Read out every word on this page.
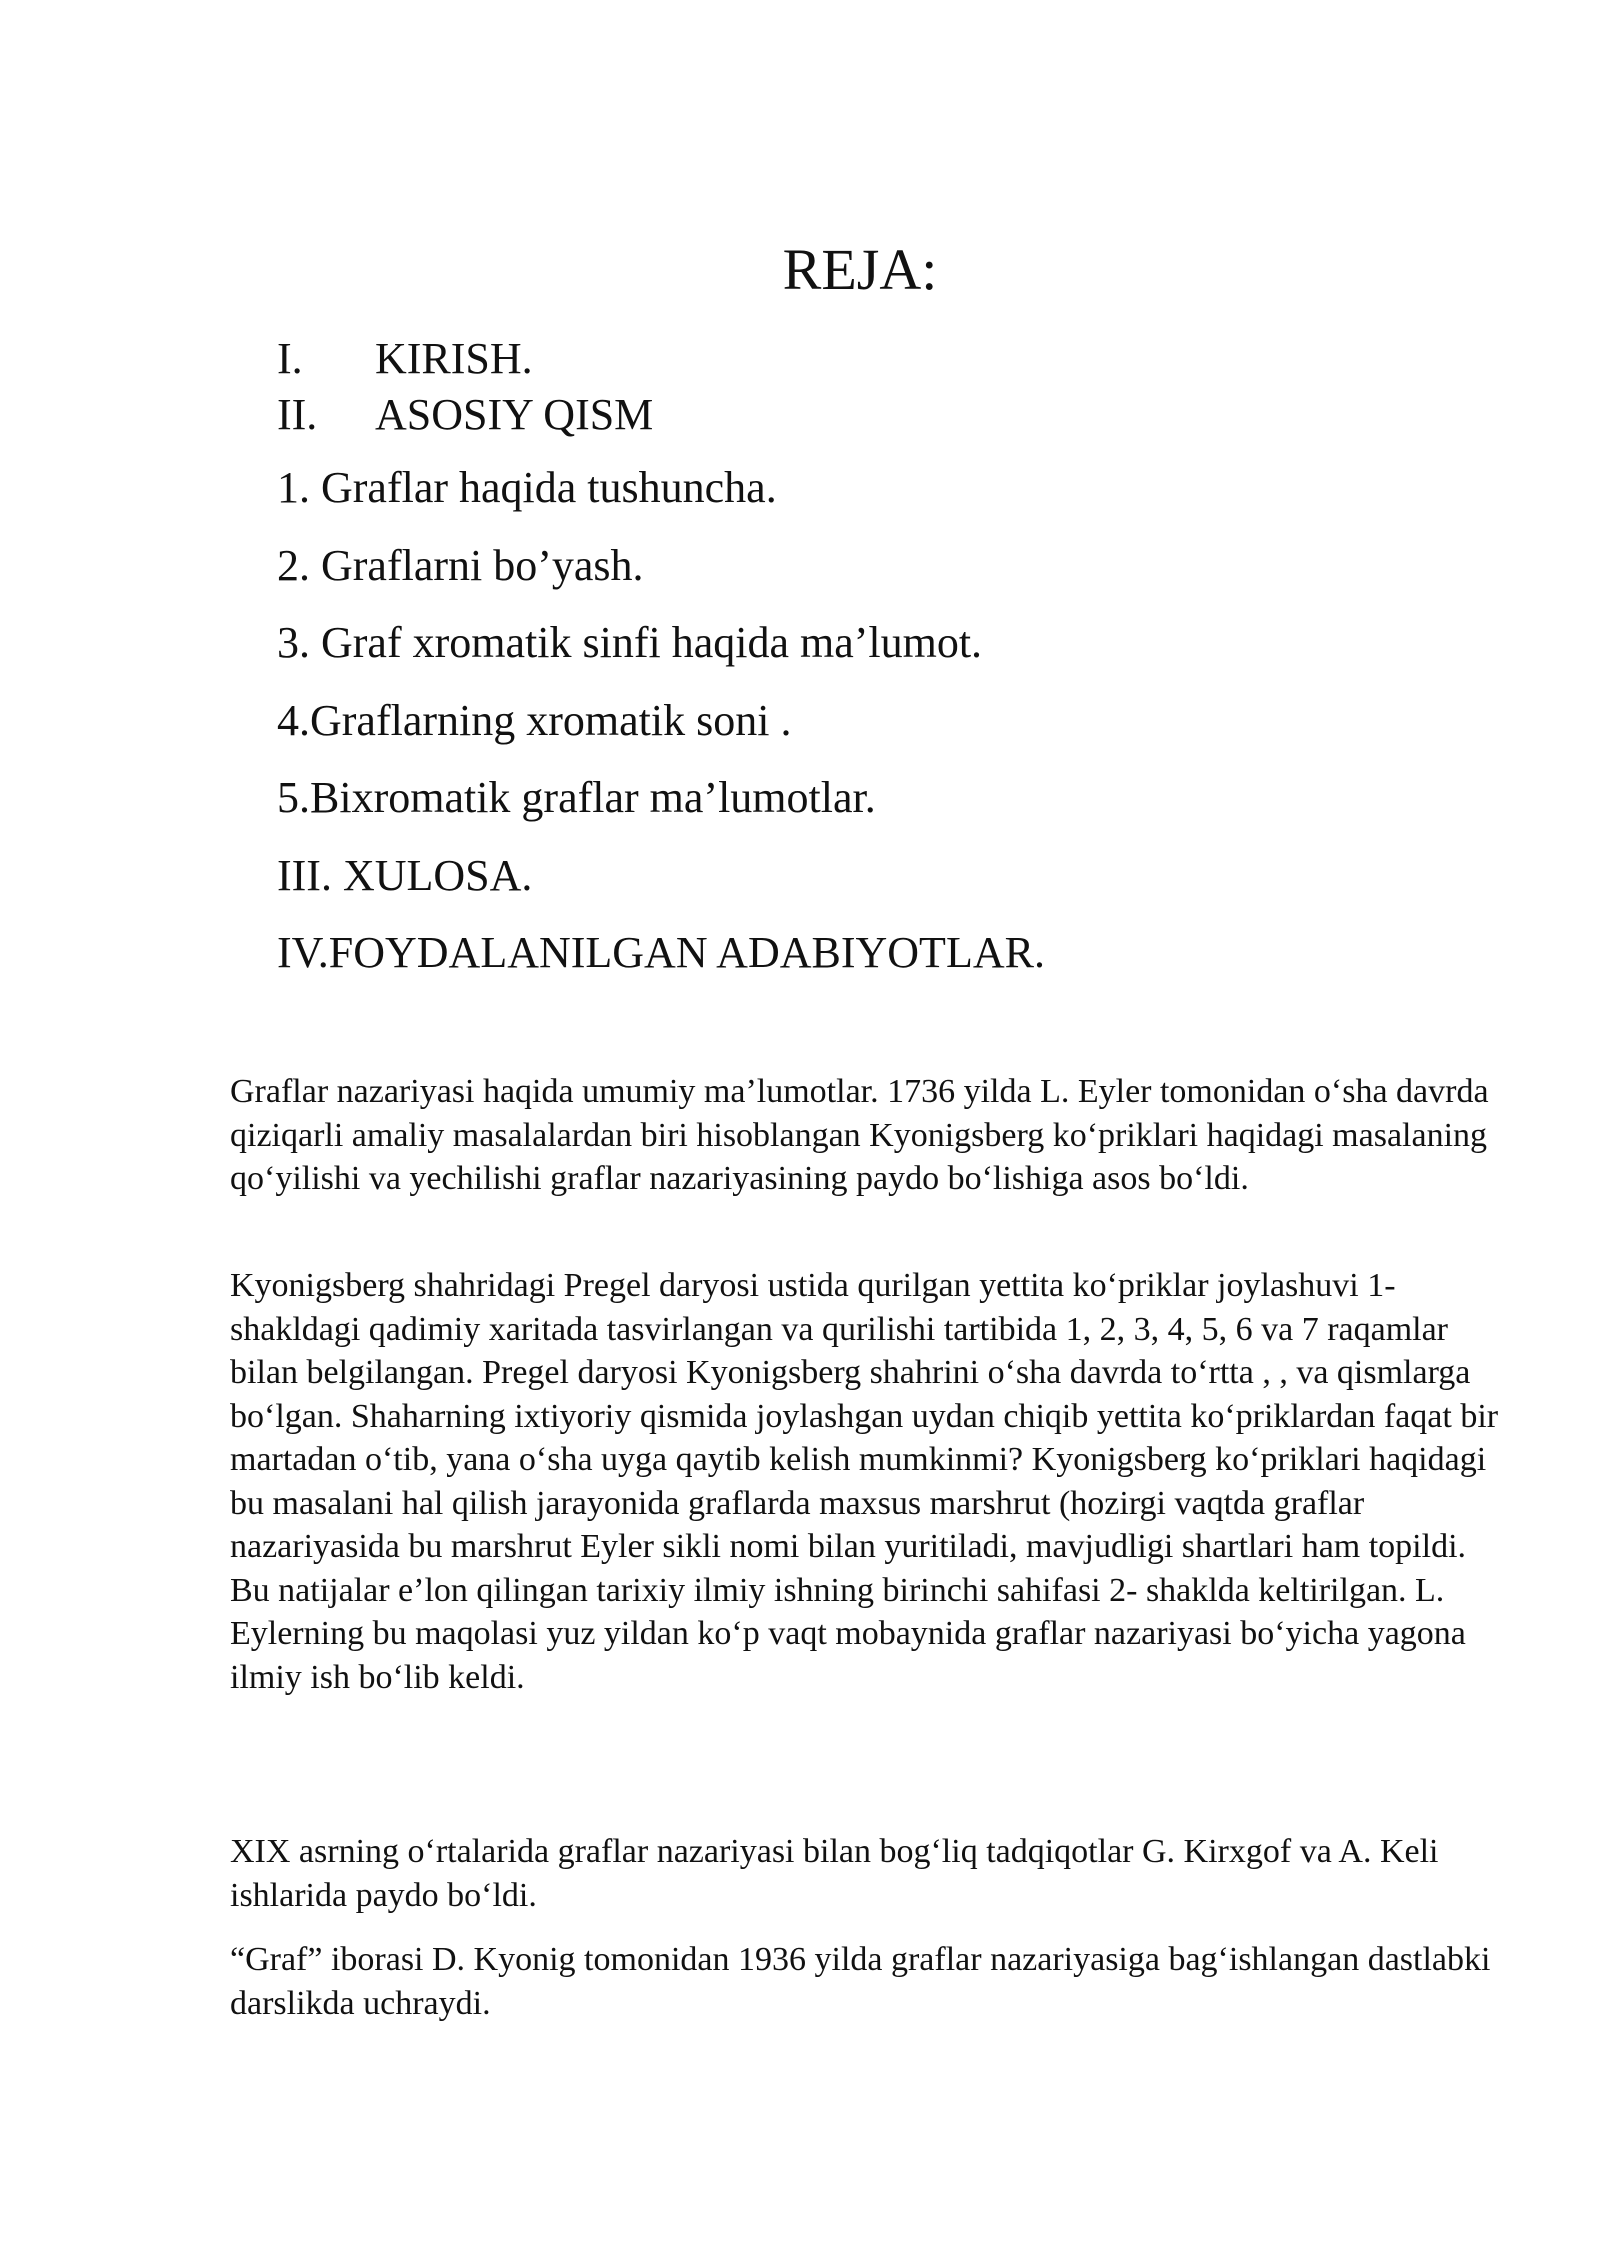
REJA:
I.	KIRISH.
II.	ASOSIY QISM
1. Graflar haqida tushuncha.
2. Graflarni bo’yash.
3. Graf xromatik sinfi haqida ma’lumot.
4.Graflarning xromatik soni .
5.Bixromatik graflar ma’lumotlar.
III. XULOSA.
IV.FOYDALANILGAN ADABIYOTLAR.

Graflar nazariyasi haqida umumiy ma’lumotlar. 1736 yilda L. Eyler tomonidan o‘sha davrda qiziqarli amaliy masalalardan biri hisoblangan Kyonigsberg ko‘priklari haqidagi masalaning qo‘yilishi va yechilishi graflar nazariyasining paydo bo‘lishiga asos bo‘ldi.

Kyonigsberg shahridagi Pregel daryosi ustida qurilgan yettita ko‘priklar joylashuvi 1- shakldagi qadimiy xaritada tasvirlangan va qurilishi tartibida 1, 2, 3, 4, 5, 6 va 7 raqamlar bilan belgilangan. Pregel daryosi Kyonigsberg shahrini o‘sha davrda to‘rtta , , va qismlarga bo‘lgan. Shaharning ixtiyoriy qismida joylashgan uydan chiqib yettita ko‘priklardan faqat bir martadan o‘tib, yana o‘sha uyga qaytib kelish mumkinmi? Kyonigsberg ko‘priklari haqidagi bu masalani hal qilish jarayonida graflarda maxsus marshrut (hozirgi vaqtda graflar nazariyasida bu marshrut Eyler sikli nomi bilan yuritiladi, mavjudligi shartlari ham topildi. Bu natijalar e’lon qilingan tarixiy ilmiy ishning birinchi sahifasi 2- shaklda keltirilgan. L. Eylerning bu maqolasi yuz yildan ko‘p vaqt mobaynida graflar nazariyasi bo‘yicha yagona ilmiy ish bo‘lib keldi.

XIX asrning o‘rtalarida graflar nazariyasi bilan bog‘liq tadqiqotlar G. Kirxgof va A. Keli ishlarida paydo bo‘ldi.

“Graf” iborasi D. Kyonig tomonidan 1936 yilda graflar nazariyasiga bag‘ishlangan dastlabki darslikda uchraydi.
